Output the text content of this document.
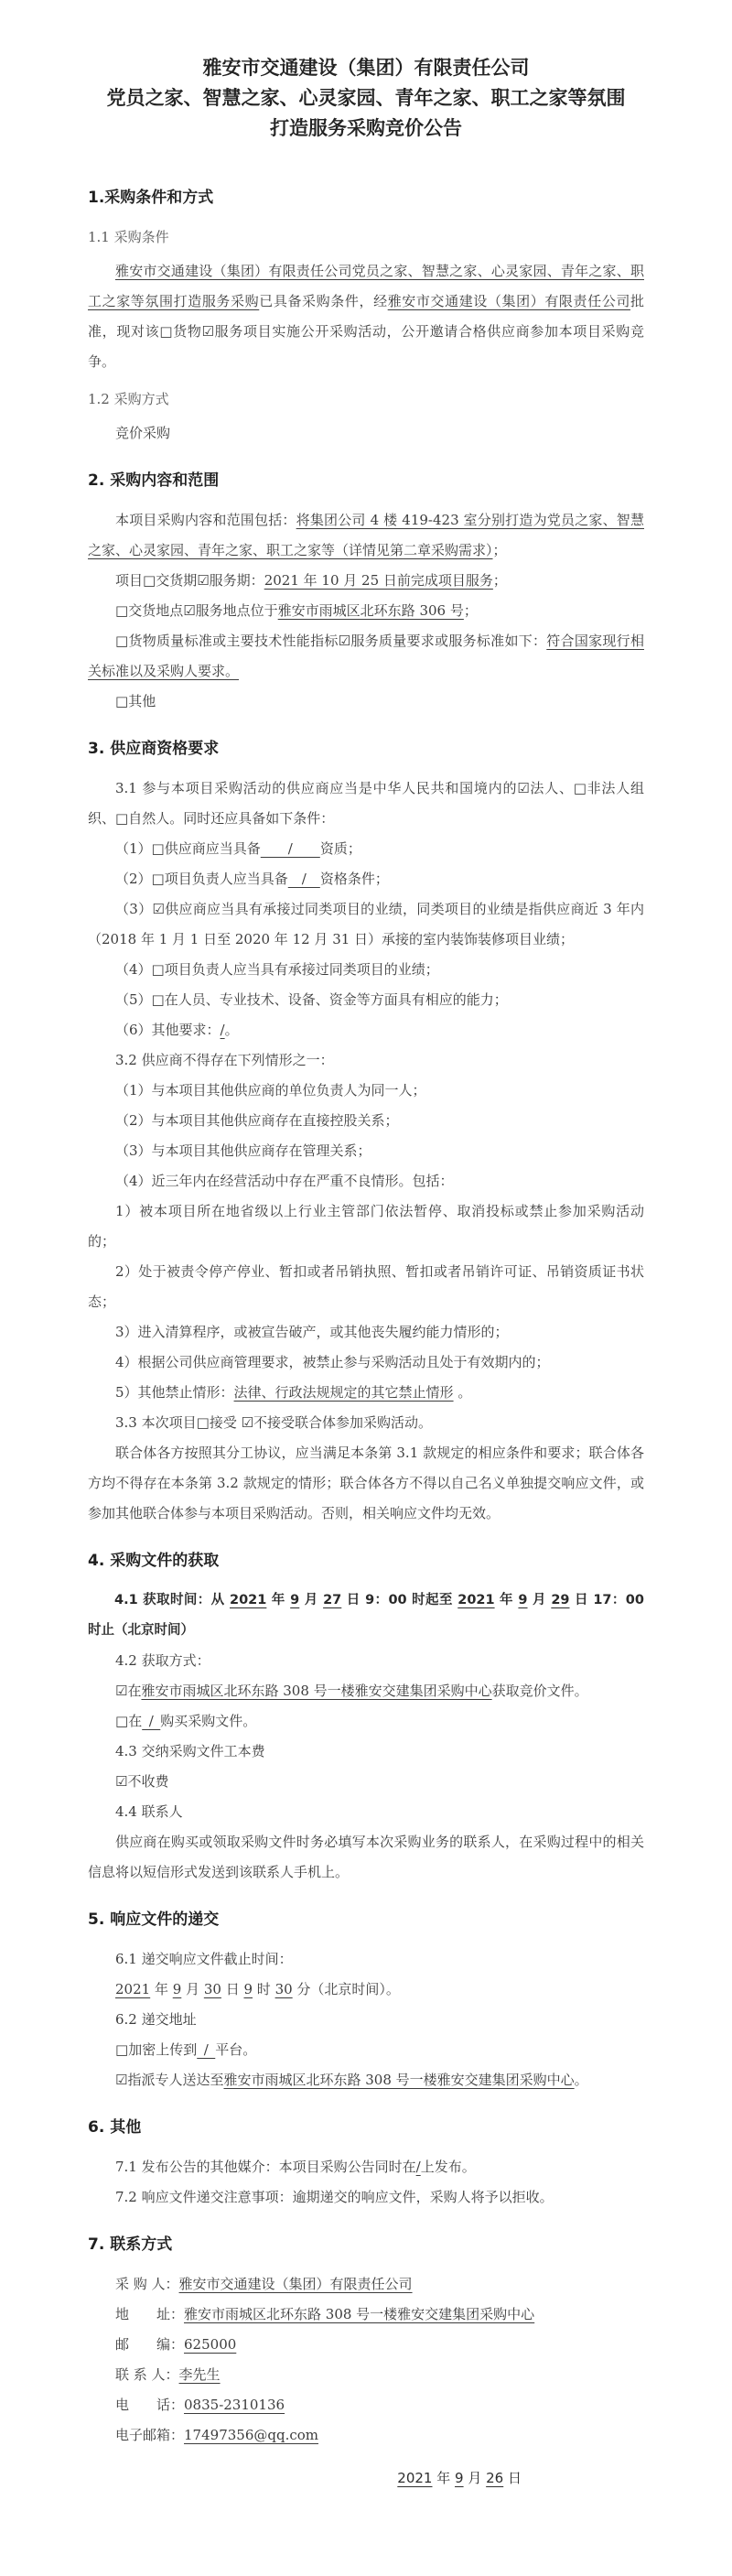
雅安市交通建设（集团）有限责任公司
党员之家、智慧之家、心灵家园、青年之家、职工之家等氛围打造服务采购竞价公告
1.采购条件和方式
1.1 采购条件
雅安市交通建设（集团）有限责任公司党员之家、智慧之家、心灵家园、青年之家、职工之家等氛围打造服务采购已具备采购条件，经雅安市交通建设（集团）有限责任公司批准，现对该□货物☑服务项目实施公开采购活动，公开邀请合格供应商参加本项目采购竞争。
1.2 采购方式
竞价采购
2. 采购内容和范围
本项目采购内容和范围包括：将集团公司 4 楼 419-423 室分别打造为党员之家、智慧之家、心灵家园、青年之家、职工之家等（详情见第二章采购需求）；
项目□交货期☑服务期：2021 年 10 月 25 日前完成项目服务；
□交货地点☑服务地点位于雅安市雨城区北环东路 306 号；
□货物质量标准或主要技术性能指标☑服务质量要求或服务标准如下：符合国家现行相关标准以及采购人要求。
□其他
3. 供应商资格要求
3.1 参与本项目采购活动的供应商应当是中华人民共和国境内的☑法人、□非法人组织、□自然人。同时还应具备如下条件：
（1）□供应商应当具备　　/　　资质；
（2）□项目负责人应当具备　/　资格条件；
（3）☑供应商应当具有承接过同类项目的业绩，同类项目的业绩是指供应商近 3 年内（2018 年 1 月 1 日至 2020 年 12 月 31 日）承接的室内装饰装修项目业绩；
（4）□项目负责人应当具有承接过同类项目的业绩；
（5）□在人员、专业技术、设备、资金等方面具有相应的能力；
（6）其他要求：/。
3.2 供应商不得存在下列情形之一：
（1）与本项目其他供应商的单位负责人为同一人；
（2）与本项目其他供应商存在直接控股关系；
（3）与本项目其他供应商存在管理关系；
（4）近三年内在经营活动中存在严重不良情形。包括：
1）被本项目所在地省级以上行业主管部门依法暂停、取消投标或禁止参加采购活动的；
2）处于被责令停产停业、暂扣或者吊销执照、暂扣或者吊销许可证、吊销资质证书状态；
3）进入清算程序，或被宣告破产，或其他丧失履约能力情形的；
4）根据公司供应商管理要求，被禁止参与采购活动且处于有效期内的；
5）其他禁止情形：法律、行政法规规定的其它禁止情形 。
3.3 本次项目□接受 ☑不接受联合体参加采购活动。
联合体各方按照其分工协议，应当满足本条第 3.1 款规定的相应条件和要求；联合体各方均不得存在本条第 3.2 款规定的情形；联合体各方不得以自己名义单独提交响应文件，或参加其他联合体参与本项目采购活动。否则，相关响应文件均无效。
4. 采购文件的获取
4.1 获取时间：从 2021 年 9 月 27 日 9：00 时起至 2021 年 9 月 29 日 17：00 时止（北京时间）
4.2 获取方式：
☑在雅安市雨城区北环东路 308 号一楼雅安交建集团采购中心获取竞价文件。
□在 / 购买采购文件。
4.3 交纳采购文件工本费
☑不收费
4.4 联系人
供应商在购买或领取采购文件时务必填写本次采购业务的联系人，在采购过程中的相关信息将以短信形式发送到该联系人手机上。
5. 响应文件的递交
6.1 递交响应文件截止时间：
2021 年 9 月 30 日 9 时 30 分（北京时间）。
6.2 递交地址
□加密上传到 / 平台。
☑指派专人送达至雅安市雨城区北环东路 308 号一楼雅安交建集团采购中心。
6. 其他
7.1 发布公告的其他媒介：本项目采购公告同时在/上发布。
7.2 响应文件递交注意事项：逾期递交的响应文件，采购人将予以拒收。
7. 联系方式
采 购 人：雅安市交通建设（集团）有限责任公司
地　　址：雅安市雨城区北环东路 308 号一楼雅安交建集团采购中心
邮　　编：625000
联 系 人：李先生
电　　话：0835-2310136
电子邮箱：17497356@qq.com
2021 年 9 月 26 日
